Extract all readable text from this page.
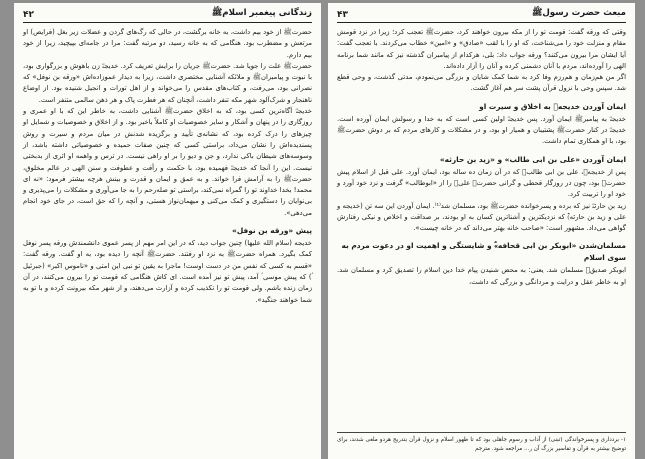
زندگانی پیغمبر اسلامﷺ
۴۲

حضرتﷺ از خود بیم داشت، به خانه برگشت، در حالی که رگ‌های گردن و عضلات زیر بغل (فرایص) او مرتعش و مضطرب بود. هنگامی که به خانه رسید، دو مرتبه گفت: مرا در جامه‌ای بپیچید، زیرا از خود بیم دارم.

حضرتﷺ علت را جویا شد. حضرتﷺ جریان را برایش تعریف کرد. خدیجهؓ زن باهوش و بزرگواری بود، با نبوت و پیامبرانﷺ و ملائکه آشنایی مختصری داشت، زیرا به دیدار عموزاده‌اش «ورقه بن نوفل» که نصرانی بود، می‌رفت، و کتاب‌های مقدس را می‌خواند و از اهل تورات و انجیل شنیده بود. از اوضاع ناهنجار و شرک‌آلود شهر مکه تنفر داشت، آنچنان که هر فطرت پاک و هر ذهن سالمی متنفر است.

خدیجهؓ آگاه‌ترین کسی بود، که به اخلاق حضرتﷺ آشنایی داشت، به خاطر این که با او عمری و روزگاری را در پنهان و آشکار و سایر خصوصیات او کاملاً باخبر بود. و از اخلاق و خصوصیات و شمایل او چیزهای را درک کرده بود، که نشانه‌ی تأیید و برگزیده شدنش در میان مردم و سیرت و روش پسندیده‌اش را نشان می‌داد، براستی کسی که چنین صفات حمیده و خصوصیاتی داشته باشد، از وسوسه‌های شیطان باکی ندارد، و جن و دیو را بر او راهی نیست. در ترس و واهمه او اثری از بدبختی نیست. این را آنجا که خدیجهؓ فهمیده بود، با حکمت و رأفت و عطوفت و سنن الهی در عالم مخلوق، حضرتﷺ را به آرامش فرا خواند. و به عمق و ایمان و قدرت و بینش هرچه بیشتر فرمود: «نه ای محمد! بخدا خداوند تو را گمراه نمی‌کند، براستی تو صله‌رحم را به جا می‌آوری و مشکلات را می‌پذیری و بی‌نوایان را دستگیری و کمک می‌کنی و میهمان‌نواز هستی، و آنچه را که حق است، در جای خود انجام می‌دهی».

پیش «ورقه بن نوفل»

خدیجه (سلام الله علیها) چنین جواب دید، که در این امر مهم از پسر عموی دانشمندش ورقه پسر نوفل کمک بگیرد. همراه حضرتﷺ به نزد او رفتند. حضرتﷺ آنچه را دیده بود، به او گفت. ورقه گفت: «قسم به کسی که نفس من در دست اوست! ماجرا به یقین تو نبی این امتی و «ناموس اکبر» (جبرئیل ؑ) که پیش موسی ؑ آمد، پیش تو نیز آمده است. ای کاش هنگامی که قومت تو را بیرون می‌کنند، در آن زمان زنده باشم. ولی قومت تو را تکذیب کرده و آزارت می‌دهند، و از شهر مکه بیرونت کرده و با تو به شما خواهند جنگید».

مبعث حضرت رسولﷺ
۴۳

وقتی که ورقه گفت: قومت تو را از مکه بیرون خواهند کرد، حضرتﷺ تعجب کرد؛ زیرا در نزد قومش مقام و منزلت خود را می‌شناخت، که او را با لقب «صادق» و «امین» خطاب می‌کردند. با تعجب گفت: آیا ایشان مرا بیرون می‌کنند؟ ورقه جواب داد: بلی، هرکدام از پیامبران گذشته نیز که مانند شما برنامه الهی را آورده‌اند، مردم با آنان دشمنی کرده و آنان را آزار داده‌اند.

اگر من هم‌زمان و هم‌رزم وفا کرد به شما کمک شایان و بزرگی می‌نمودم، مدتی گذشت، و وحی قطع شد. سپس وحی با نزول قرآن پشت سر هم آغاز گشت.

ایمان آوردن خدیجهؓ به اخلاق و سیرت او

خدیجهؓ به پیامبرﷺ ایمان آورد. پس خدیجهؓ اولین کسی است که به خدا و رسولش ایمان آورده است. خدیجهؓ در کنار حضرتﷺ پشتیبان و همیار او بود، و در مشکلات و کارهای مردم که بر دوش حضرتﷺ بود، با او همکاری تمام داشت.

ایمان آوردن «علی بن ابی طالب» و «زید بن حارثه»

پس از خدیجهؓ، علی بن ابی طالبؓ که در آن زمان ده ساله بود، ایمان آورد. علی قبل از اسلام پیش حضرتﷺ بود، چون در روزگار قحطی و گرانی حضرتﷺ علیؓ را از «ابوطالب» گرفت و نزد خود آورد و خود او را تربیت کرد.

زید بن حارثهؓ نیز که برده و پسرخوانده حضرتﷺ بود، مسلمان شد⁽¹⁾. ایمان آوردن این سه تن (خدیجه و علی و زید بن حارثه)ؓ که نزدیکترین و آشناترین کسان به او بودند، بر صداقت و اخلاص و نیکی رفتارش گواهی می‌داد. مشهور است: «صاحب خانه بهتر می‌داند که در خانه چیست».

مسلمان‌شدن «ابوبکر بن ابی قحافه»ؓ و شایستگی و اهمیت او در دعوت مردم به سوی اسلام

ابوبکر صدیقؓ مسلمان شد. یعنی: به محض شنیدن پیام خدا دین اسلام را تصدیق کرد و مسلمان شد. او به خاطر عقل و درایت و مردانگی و بزرگی که داشت،

۱- بردداری و پسرخواندگی (تبنی) از آداب و رسوم جاهلی بود که تا ظهور اسلام و نزول قرآن بتدریج هردو ملغی شدند، برای توضیح بیشتر به قرآن و تفاسیر بزرگ آن ر... مراجعه شود. مترجم
